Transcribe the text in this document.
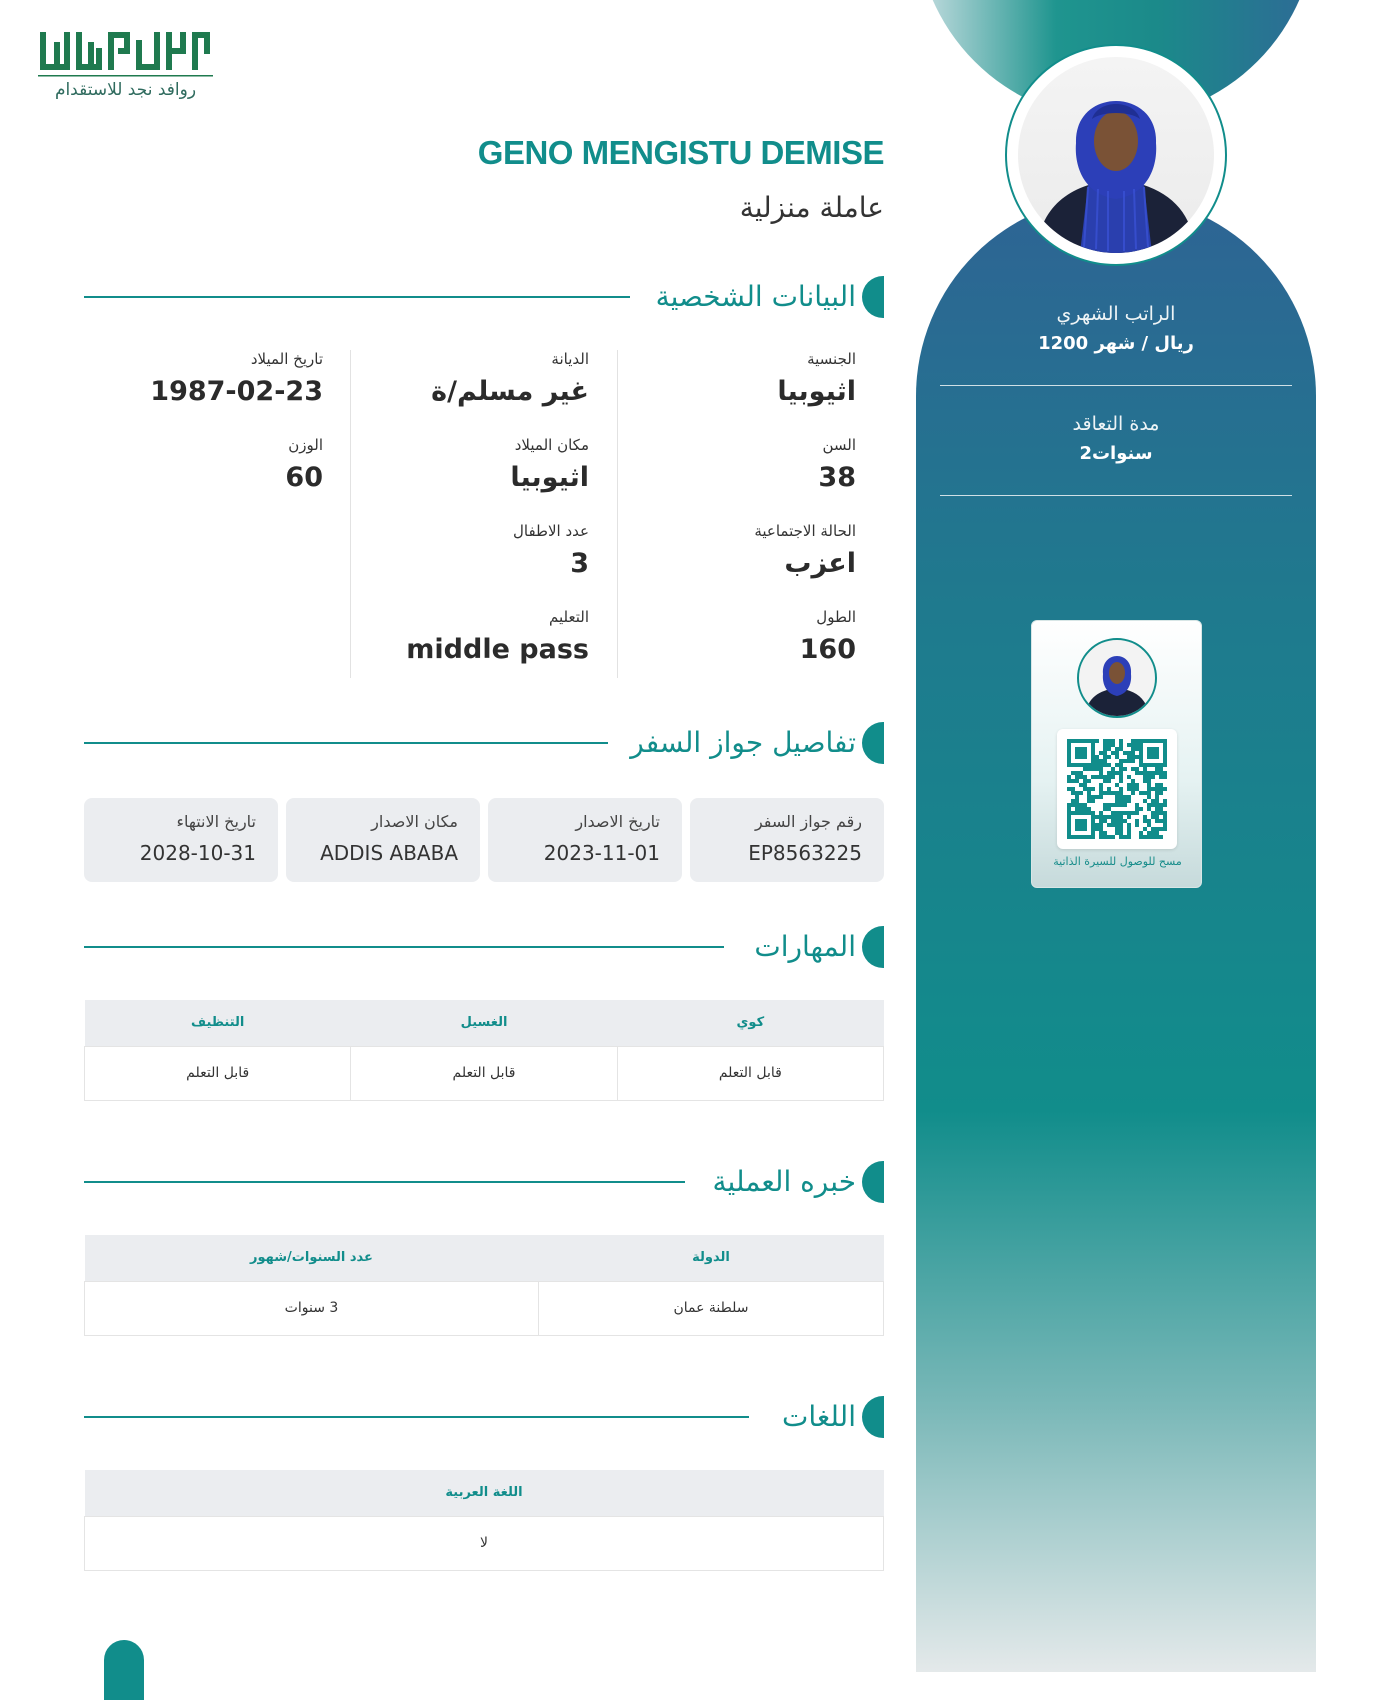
الراتب الشهري
1200 ريال / شهر
مدة التعاقد
2سنوات
مسح للوصول للسيرة الذاتية
روافد نجد للاستقدام
GENO MENGISTU DEMISE
عاملة منزلية
البيانات الشخصية
الجنسية
اثيوبيا
السن
38
الحالة الاجتماعية
اعزب
الطول
160
الديانة
غير مسلم/ة
مكان الميلاد
اثيوبيا
عدد الاطفال
3
التعليم
middle pass
تاريخ الميلاد
1987-02-23
الوزن
60
تفاصيل جواز السفر
رقم جواز السفر
EP8563225
تاريخ الاصدار
2023-11-01
مكان الاصدار
ADDIS ABABA
تاريخ الانتهاء
2028-10-31
المهارات
كوي	الغسيل	التنظيف
قابل التعلم	قابل التعلم	قابل التعلم
خبره العملية
الدولة	عدد السنوات/شهور
سلطنة عمان	3 سنوات
اللغات
اللغة العربية
لا
